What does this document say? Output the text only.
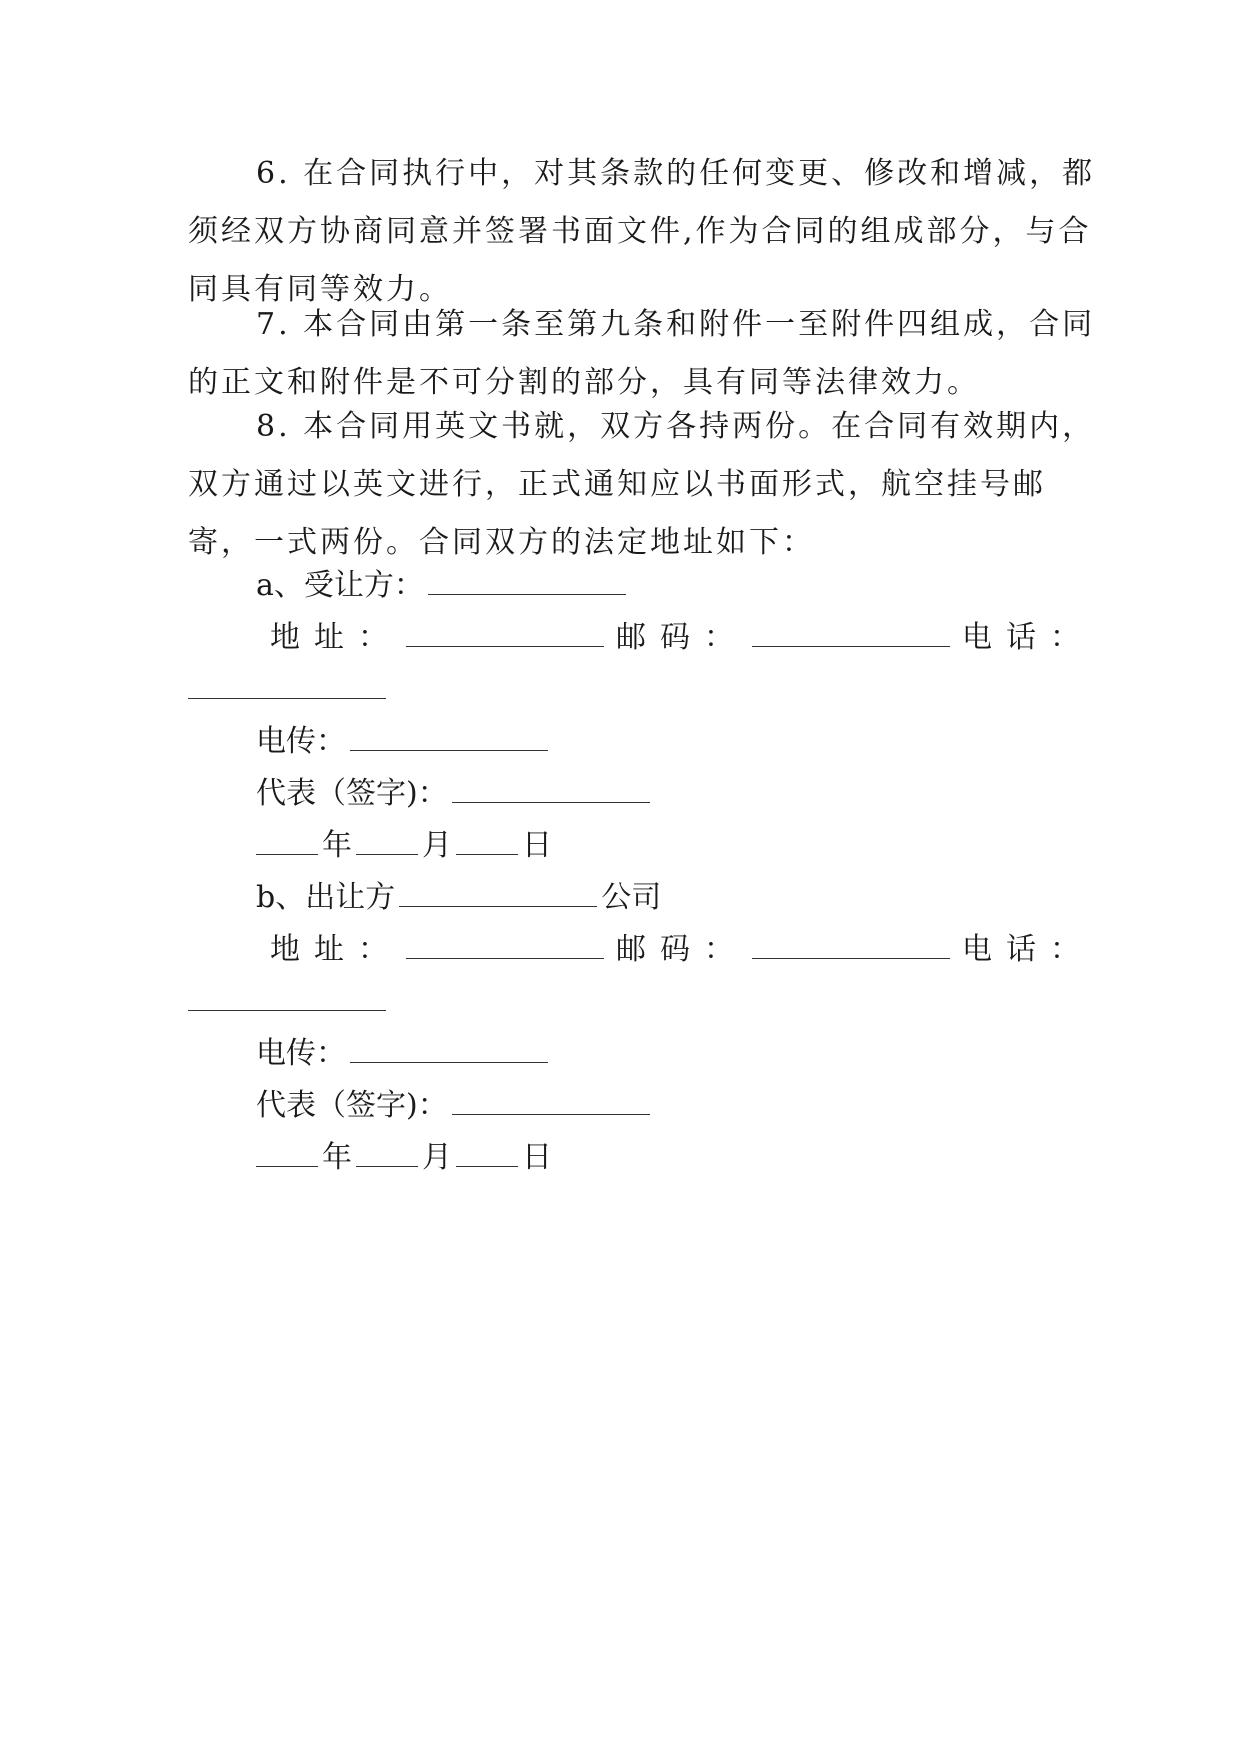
6. 在合同执行中，对其条款的任何变更、修改和增减，都须经双方协商同意并签署书面文件,作为合同的组成部分，与合同具有同等效力。
7. 本合同由第一条至第九条和附件一至附件四组成，合同的正文和附件是不可分割的部分，具有同等法律效力。
8. 本合同用英文书就，双方各持两份。在合同有效期内，双方通过以英文进行，正式通知应以书面形式，航空挂号邮寄，一式两份。合同双方的法定地址如下：
a、受让方：
地址：	邮码：	电话：
电传：
代表（签字)：
年 月 日
b、出让方	公司
地址：	邮码：	电话：
电传：
代表（签字)：
年 月 日
